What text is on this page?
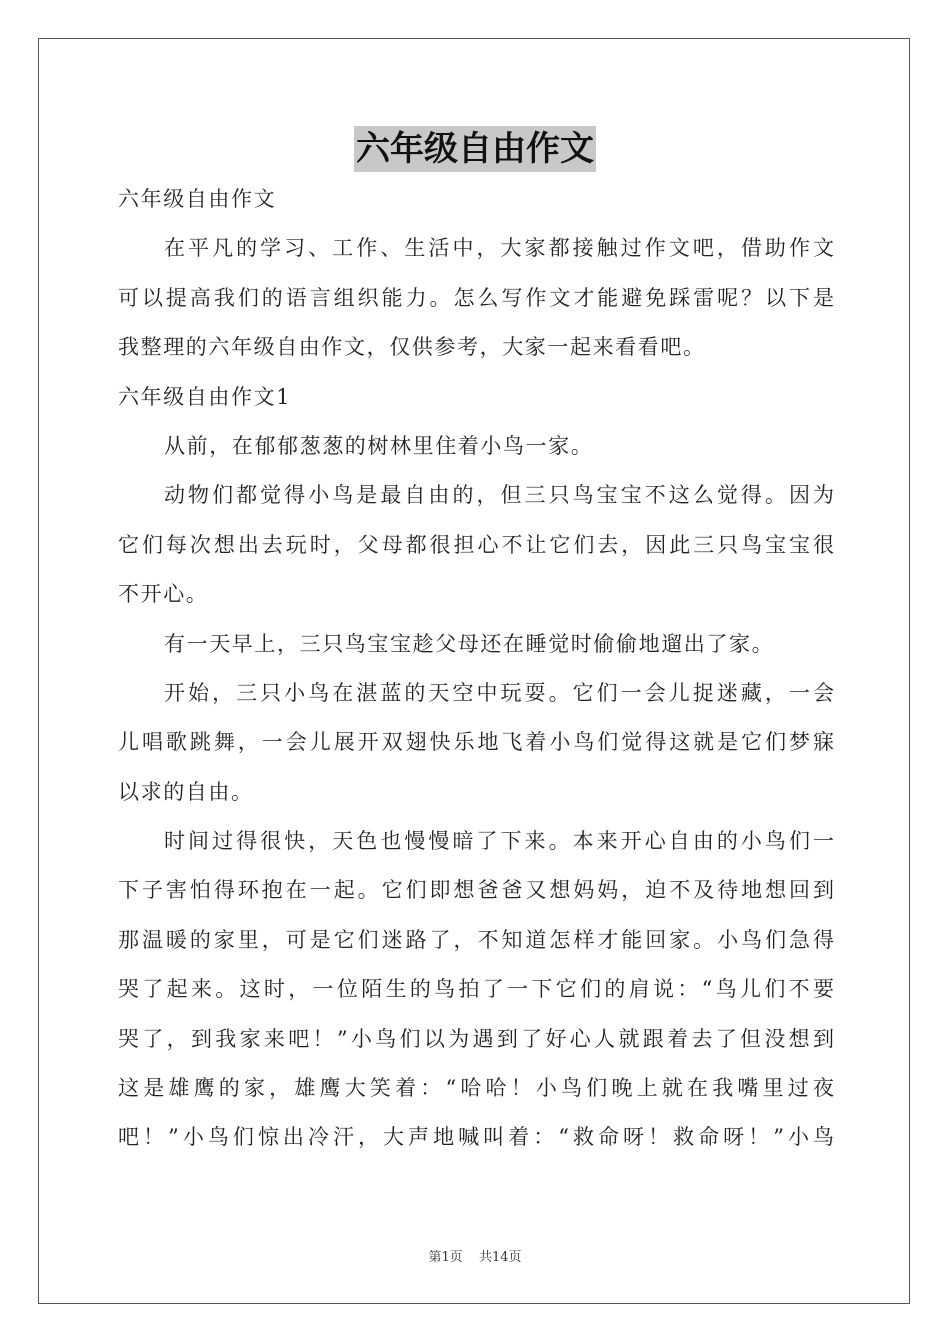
六年级自由作文
六年级自由作文
在平凡的学习、工作、生活中，大家都接触过作文吧，借助作文
可以提高我们的语言组织能力。怎么写作文才能避免踩雷呢？以下是
我整理的六年级自由作文，仅供参考，大家一起来看看吧。
六年级自由作文1
从前，在郁郁葱葱的树林里住着小鸟一家。
动物们都觉得小鸟是最自由的，但三只鸟宝宝不这么觉得。因为
它们每次想出去玩时，父母都很担心不让它们去，因此三只鸟宝宝很
不开心。
有一天早上，三只鸟宝宝趁父母还在睡觉时偷偷地遛出了家。
开始，三只小鸟在湛蓝的天空中玩耍。它们一会儿捉迷藏，一会
儿唱歌跳舞，一会儿展开双翅快乐地飞着小鸟们觉得这就是它们梦寐
以求的自由。
时间过得很快，天色也慢慢暗了下来。本来开心自由的小鸟们一
下子害怕得环抱在一起。它们即想爸爸又想妈妈，迫不及待地想回到
那温暖的家里，可是它们迷路了，不知道怎样才能回家。小鸟们急得
哭了起来。这时，一位陌生的鸟拍了一下它们的肩说：“鸟儿们不要
哭了，到我家来吧！”小鸟们以为遇到了好心人就跟着去了但没想到
这是雄鹰的家，雄鹰大笑着：“哈哈！小鸟们晚上就在我嘴里过夜
吧！”小鸟们惊出冷汗，大声地喊叫着：“救命呀！救命呀！”小鸟
第1页 共14页
